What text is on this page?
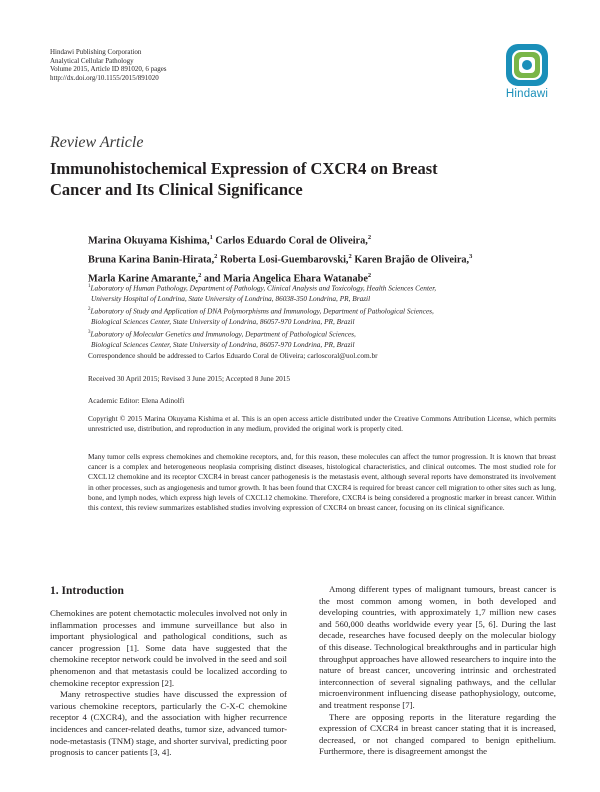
Hindawi Publishing Corporation
Analytical Cellular Pathology
Volume 2015, Article ID 891020, 6 pages
http://dx.doi.org/10.1155/2015/891020
Hindawi
Review Article
Immunohistochemical Expression of CXCR4 on Breast
Cancer and Its Clinical Significance
Marina Okuyama Kishima,$^1$ Carlos Eduardo Coral de Oliveira,$^2$
Bruna Karina Banin-Hirata,$^2$ Roberta Losi-Guembarovski,$^2$ Karen Brajão de Oliveira,$^3$
Marla Karine Amarante,$^2$ and Maria Angelica Ehara Watanabe$^2$
$^1$Laboratory of Human Pathology, Department of Pathology, Clinical Analysis and Toxicology, Health Sciences Center,
University Hospital of Londrina, State University of Londrina, 86038-350 Londrina, PR, Brazil
$^2$Laboratory of Study and Application of DNA Polymorphisms and Immunology, Department of Pathological Sciences,
Biological Sciences Center, State University of Londrina, 86057-970 Londrina, PR, Brazil
$^3$Laboratory of Molecular Genetics and Immunology, Department of Pathological Sciences,
Biological Sciences Center, State University of Londrina, 86057-970 Londrina, PR, Brazil
Correspondence should be addressed to Carlos Eduardo Coral de Oliveira; carloscoral@uol.com.br
Received 30 April 2015; Revised 3 June 2015; Accepted 8 June 2015
Academic Editor: Elena Adinolfi
Copyright © 2015 Marina Okuyama Kishima et al. This is an open access article distributed under the Creative Commons Attribution License, which permits unrestricted use, distribution, and reproduction in any medium, provided the original work is properly cited.
Many tumor cells express chemokines and chemokine receptors, and, for this reason, these molecules can affect the tumor progression. It is known that breast cancer is a complex and heterogeneous neoplasia comprising distinct diseases, histological characteristics, and clinical outcomes. The most studied role for CXCL12 chemokine and its receptor CXCR4 in breast cancer pathogenesis is the metastasis event, although several reports have demonstrated its involvement in other processes, such as angiogenesis and tumor growth. It has been found that CXCR4 is required for breast cancer cell migration to other sites such as lung, bone, and lymph nodes, which express high levels of CXCL12 chemokine. Therefore, CXCR4 is being considered a prognostic marker in breast cancer. Within this context, this review summarizes established studies involving expression of CXCR4 on breast cancer, focusing on its clinical significance.
1. Introduction

Chemokines are potent chemotactic molecules involved not only in inflammation processes and immune surveillance but also in important physiological and pathological conditions, such as cancer progression [1]. Some data have suggested that the chemokine receptor network could be involved in the seed and soil phenomenon and that metastasis could be localized according to chemokine receptor expression [2].

Many retrospective studies have discussed the expression of various chemokine receptors, particularly the C-X-C chemokine receptor 4 (CXCR4), and the association with higher recurrence incidences and cancer-related deaths, tumor size, advanced tumor-node-metastasis (TNM) stage, and shorter survival, predicting poor prognosis to cancer patients [3, 4].

Among different types of malignant tumours, breast cancer is the most common among women, in both developed and developing countries, with approximately 1,7 million new cases and 560,000 deaths worldwide every year [5, 6]. During the last decade, researches have focused deeply on the molecular biology of this disease. Technological breakthroughs and in particular high throughput approaches have allowed researchers to inquire into the nature of breast cancer, uncovering intrinsic and orchestrated interconnection of several signaling pathways, and the cellular microenvironment influencing disease pathophysiology, outcome, and treatment response [7].

There are opposing reports in the literature regarding the expression of CXCR4 in breast cancer stating that it is increased, decreased, or not changed compared to benign epithelium. Furthermore, there is disagreement amongst the
